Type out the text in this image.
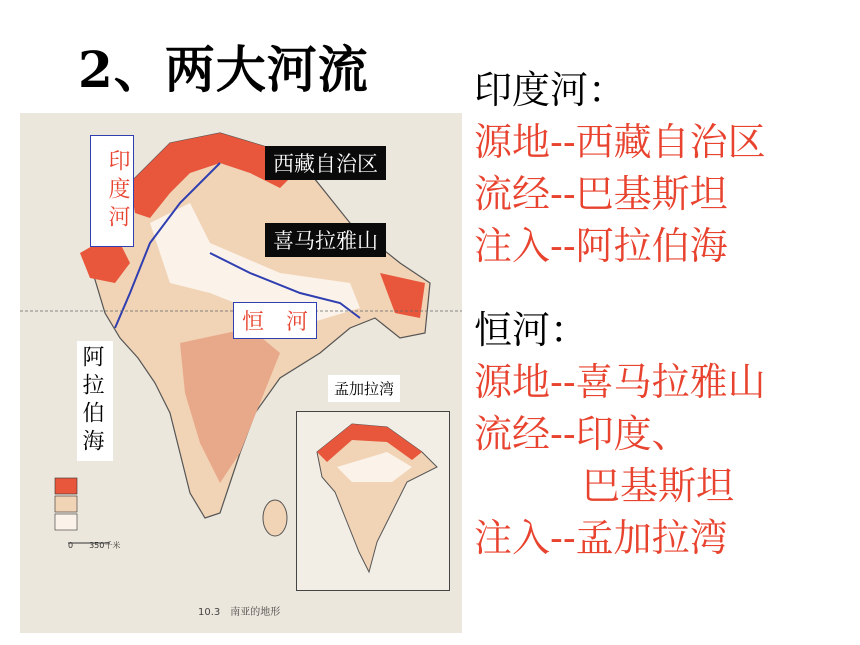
2、两大河流	印度河：
源地--西藏自治区
流经--巴基斯坦
注入--阿拉伯海
恒河：
源地--喜马拉雅山
流经--印度、
巴基斯坦
注入--孟加拉湾
印度河	西藏自治区
喜马拉雅山
恒　河
阿拉伯海	孟加拉湾
0　　350千米
10.3　南亚的地形
